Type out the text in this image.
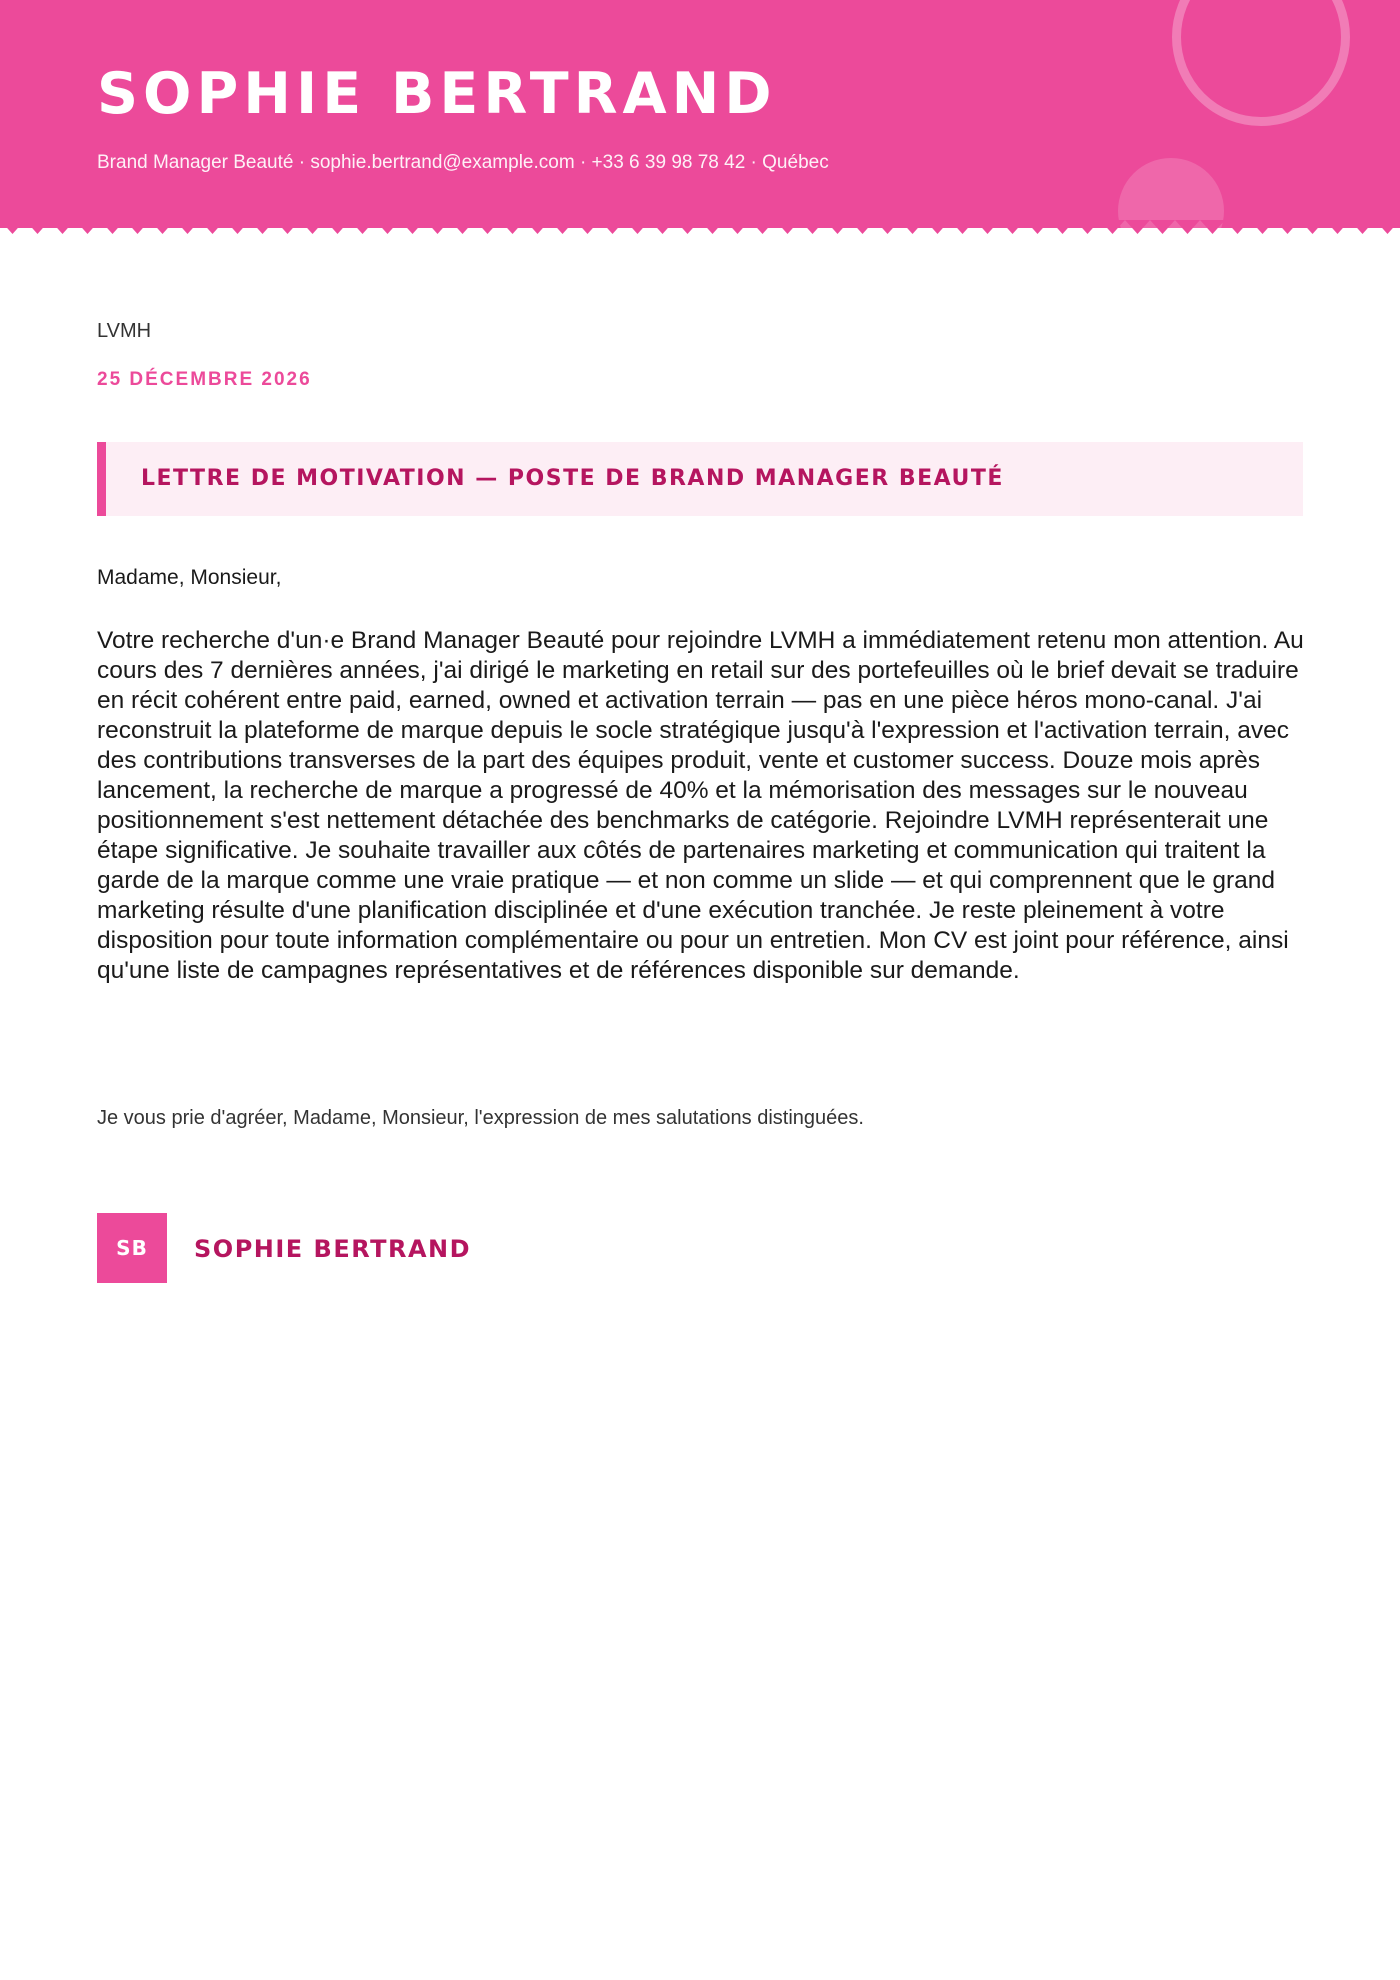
SOPHIE BERTRAND
Brand Manager Beauté · sophie.bertrand@example.com · +33 6 39 98 78 42 · Québec
LVMH
25 DÉCEMBRE 2026
LETTRE DE MOTIVATION — POSTE DE BRAND MANAGER BEAUTÉ
Madame, Monsieur,

Votre recherche d'un·e Brand Manager Beauté pour rejoindre LVMH a immédiatement retenu mon attention. Au cours des 7 dernières années, j'ai dirigé le marketing en retail sur des portefeuilles où le brief devait se traduire en récit cohérent entre paid, earned, owned et activation terrain — pas en une pièce héros mono-canal. J'ai reconstruit la plateforme de marque depuis le socle stratégique jusqu'à l'expression et l'activation terrain, avec des contributions transverses de la part des équipes produit, vente et customer success. Douze mois après lancement, la recherche de marque a progressé de 40% et la mémorisation des messages sur le nouveau positionnement s'est nettement détachée des benchmarks de catégorie. Rejoindre LVMH représenterait une étape significative. Je souhaite travailler aux côtés de partenaires marketing et communication qui traitent la garde de la marque comme une vraie pratique — et non comme un slide — et qui comprennent que le grand marketing résulte d'une planification disciplinée et d'une exécution tranchée. Je reste pleinement à votre disposition pour toute information complémentaire ou pour un entretien. Mon CV est joint pour référence, ainsi qu'une liste de campagnes représentatives et de références disponible sur demande.

Je vous prie d'agréer, Madame, Monsieur, l'expression de mes salutations distinguées.
SB	SOPHIE BERTRAND
